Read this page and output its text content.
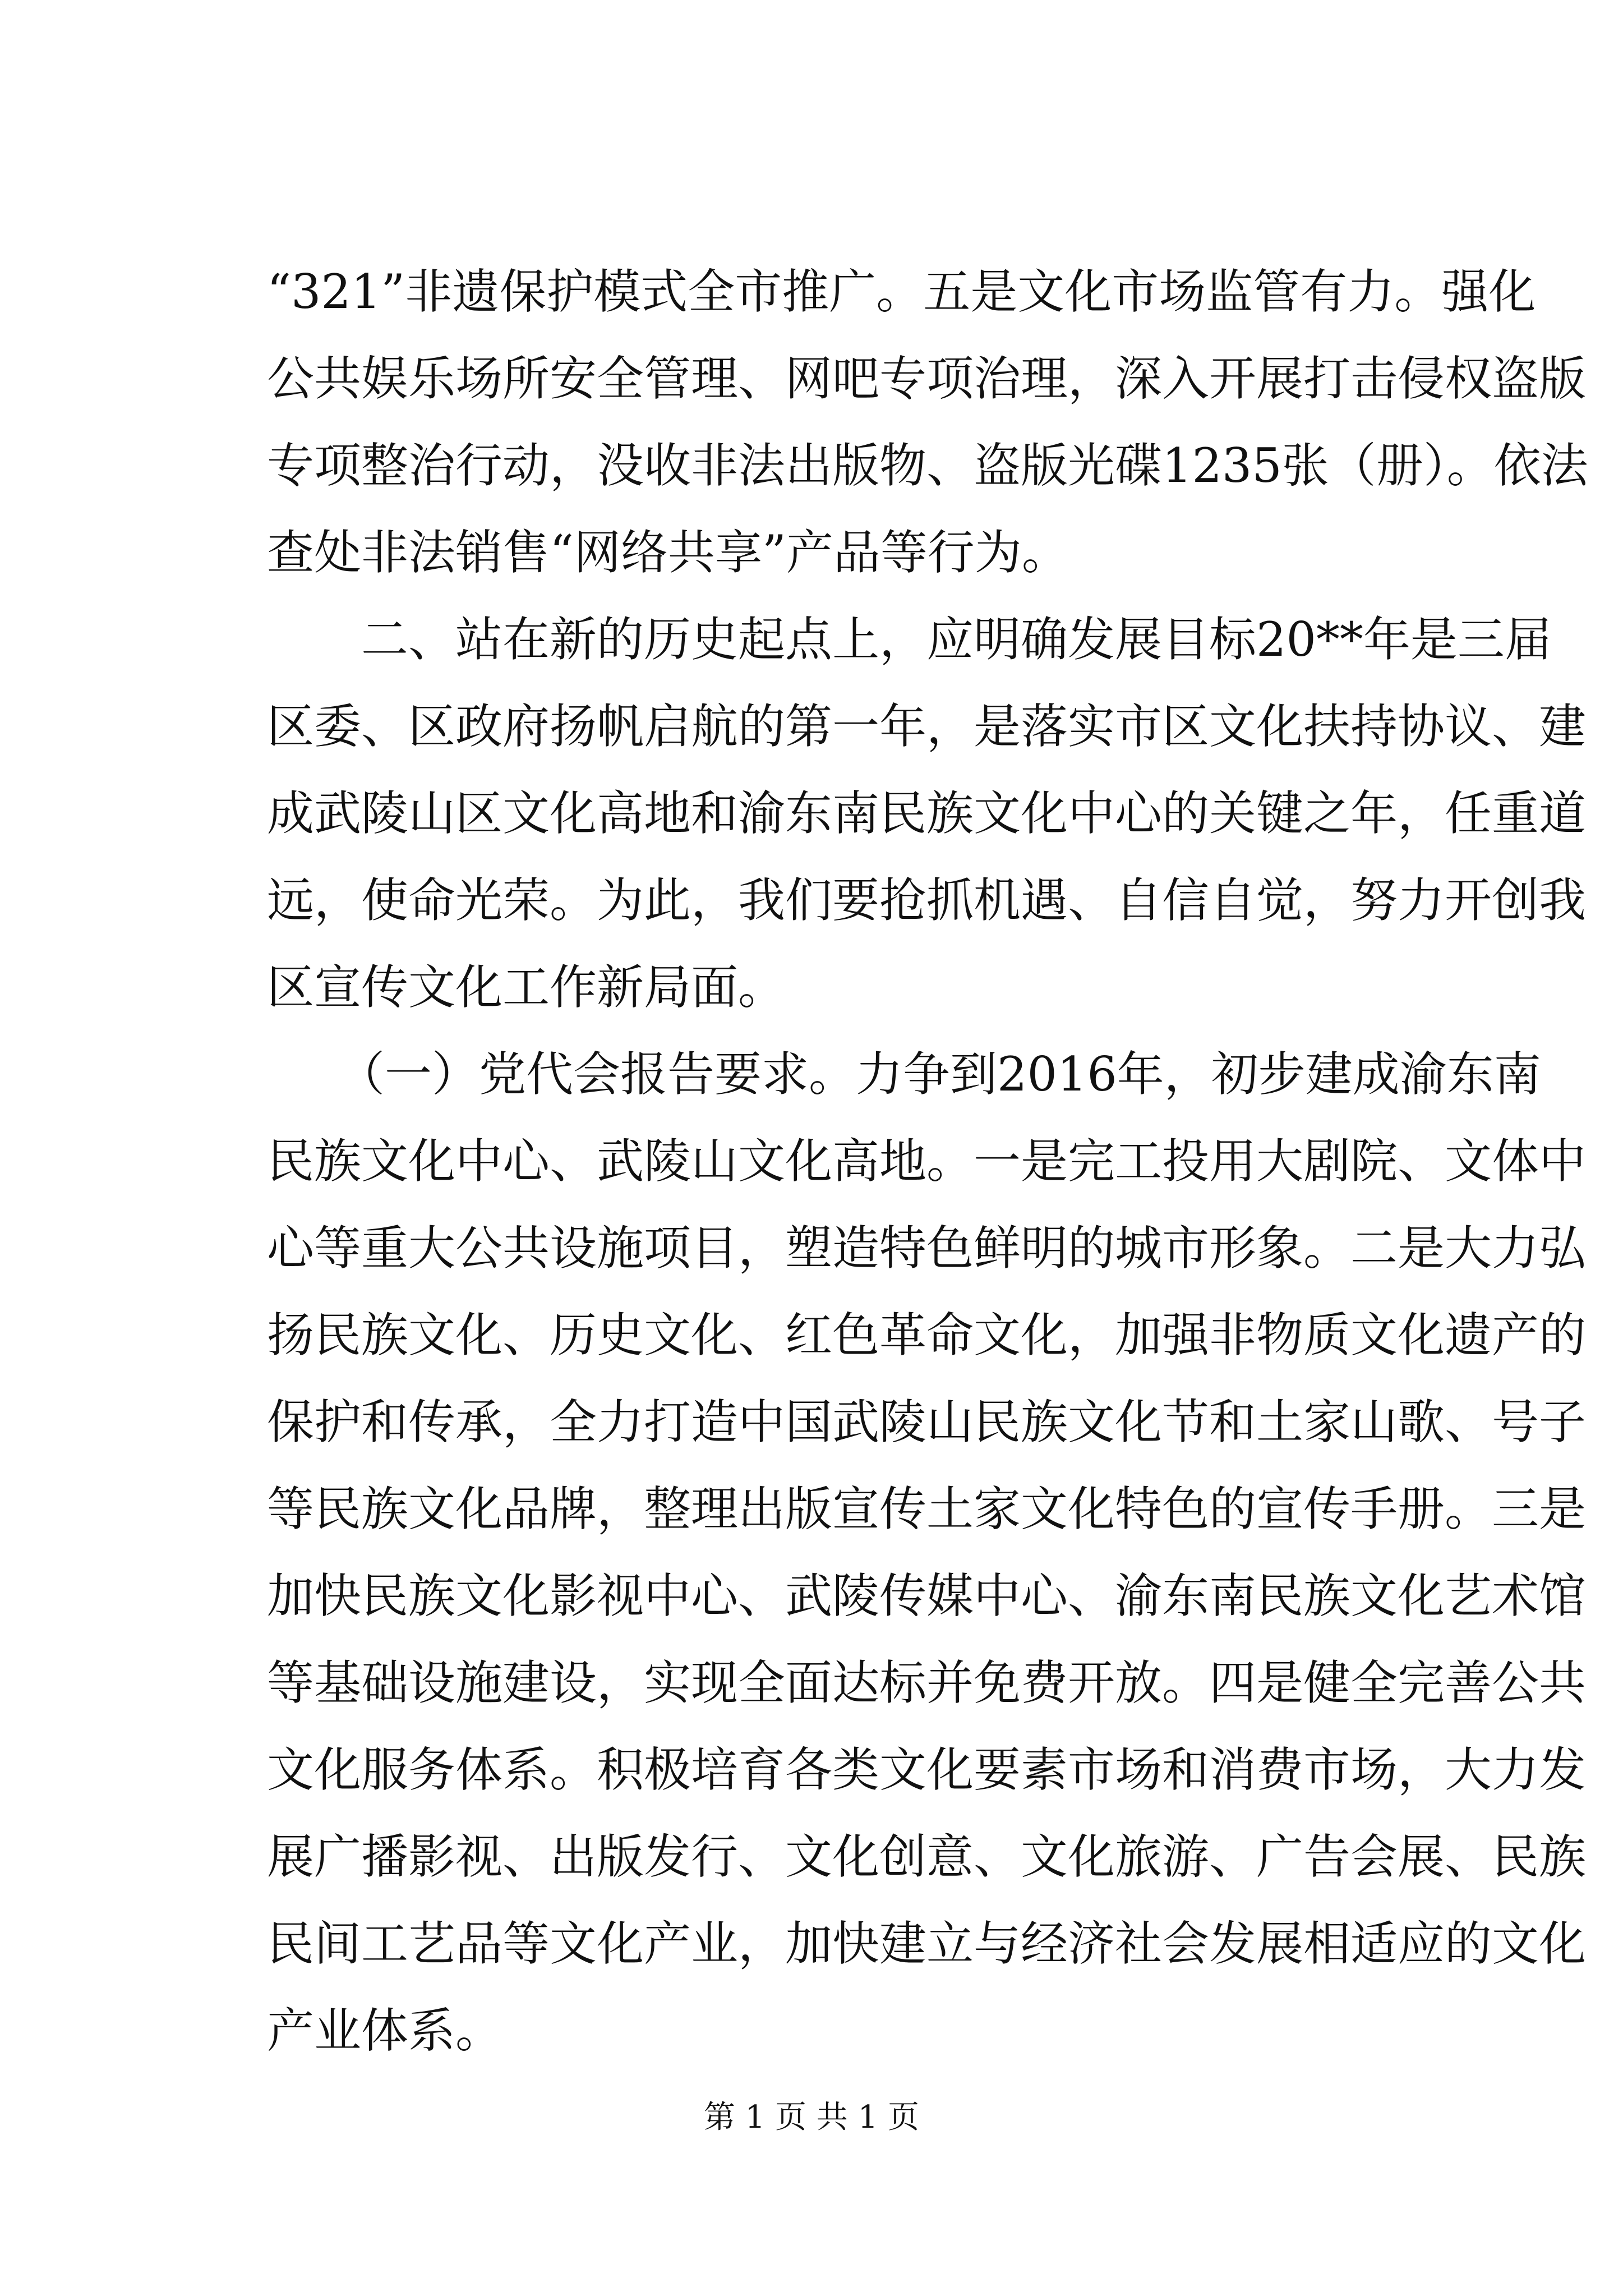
“321”非遗保护模式全市推广。五是文化市场监管有力。强化
公共娱乐场所安全管理、网吧专项治理，深入开展打击侵权盗版
专项整治行动，没收非法出版物、盗版光碟1235张（册）。依法
查处非法销售“网络共享”产品等行为。
　　二、站在新的历史起点上，应明确发展目标20**年是三届
区委、区政府扬帆启航的第一年，是落实市区文化扶持协议、建
成武陵山区文化高地和渝东南民族文化中心的关键之年，任重道
远，使命光荣。为此，我们要抢抓机遇、自信自觉，努力开创我
区宣传文化工作新局面。
　　（一）党代会报告要求。力争到2016年，初步建成渝东南
民族文化中心、武陵山文化高地。一是完工投用大剧院、文体中
心等重大公共设施项目，塑造特色鲜明的城市形象。二是大力弘
扬民族文化、历史文化、红色革命文化，加强非物质文化遗产的
保护和传承，全力打造中国武陵山民族文化节和土家山歌、号子
等民族文化品牌，整理出版宣传土家文化特色的宣传手册。三是
加快民族文化影视中心、武陵传媒中心、渝东南民族文化艺术馆
等基础设施建设，实现全面达标并免费开放。四是健全完善公共
文化服务体系。积极培育各类文化要素市场和消费市场，大力发
展广播影视、出版发行、文化创意、文化旅游、广告会展、民族
民间工艺品等文化产业，加快建立与经济社会发展相适应的文化
产业体系。
第 1 页 共 1 页
